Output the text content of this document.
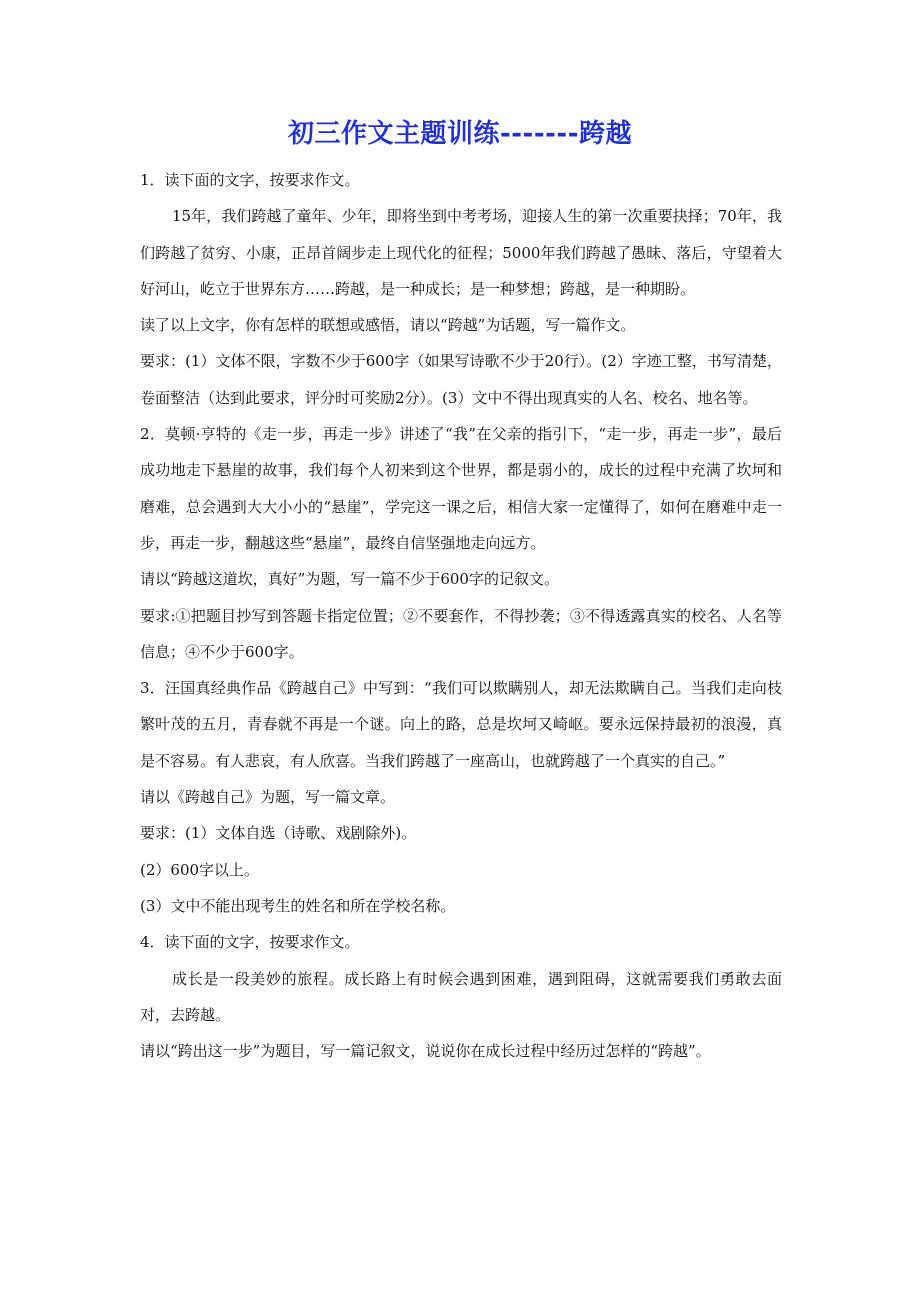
初三作文主题训练-------跨越

1．读下面的文字，按要求作文。

15年，我们跨越了童年、少年，即将坐到中考考场，迎接人生的第一次重要抉择；70年，我们跨越了贫穷、小康，正昂首阔步走上现代化的征程；5000年我们跨越了愚昧、落后，守望着大好河山，屹立于世界东方……跨越，是一种成长；是一种梦想；跨越，是一种期盼。

读了以上文字，你有怎样的联想或感悟，请以“跨越”为话题，写一篇作文。

要求：(1）文体不限，字数不少于600字（如果写诗歌不少于20行）。(2）字迹工整，书写清楚，卷面整洁（达到此要求，评分时可奖励2分）。(3）文中不得出现真实的人名、校名、地名等。

2．莫顿·亨特的《走一步，再走一步》讲述了“我”在父亲的指引下，“走一步，再走一步”，最后成功地走下悬崖的故事，我们每个人初来到这个世界，都是弱小的，成长的过程中充满了坎坷和磨难，总会遇到大大小小的“悬崖”，学完这一课之后，相信大家一定懂得了，如何在磨难中走一步，再走一步，翻越这些“悬崖”，最终自信坚强地走向远方。

请以“跨越这道坎，真好”为题，写一篇不少于600字的记叙文。

要求:①把题目抄写到答题卡指定位置；②不要套作，不得抄袭；③不得透露真实的校名、人名等信息；④不少于600字。

3．汪国真经典作品《跨越自己》中写到：“我们可以欺瞒别人，却无法欺瞒自己。当我们走向枝繁叶茂的五月，青春就不再是一个谜。向上的路，总是坎坷又崎岖。要永远保持最初的浪漫，真是不容易。有人悲哀，有人欣喜。当我们跨越了一座高山，也就跨越了一个真实的自己。”

请以《跨越自己》为题，写一篇文章。

要求：(1）文体自选（诗歌、戏剧除外)。

(2）600字以上。

(3）文中不能出现考生的姓名和所在学校名称。

4．读下面的文字，按要求作文。

成长是一段美妙的旅程。成长路上有时候会遇到困难，遇到阻碍，这就需要我们勇敢去面对，去跨越。

请以“跨出这一步”为题目，写一篇记叙文，说说你在成长过程中经历过怎样的“跨越”。
